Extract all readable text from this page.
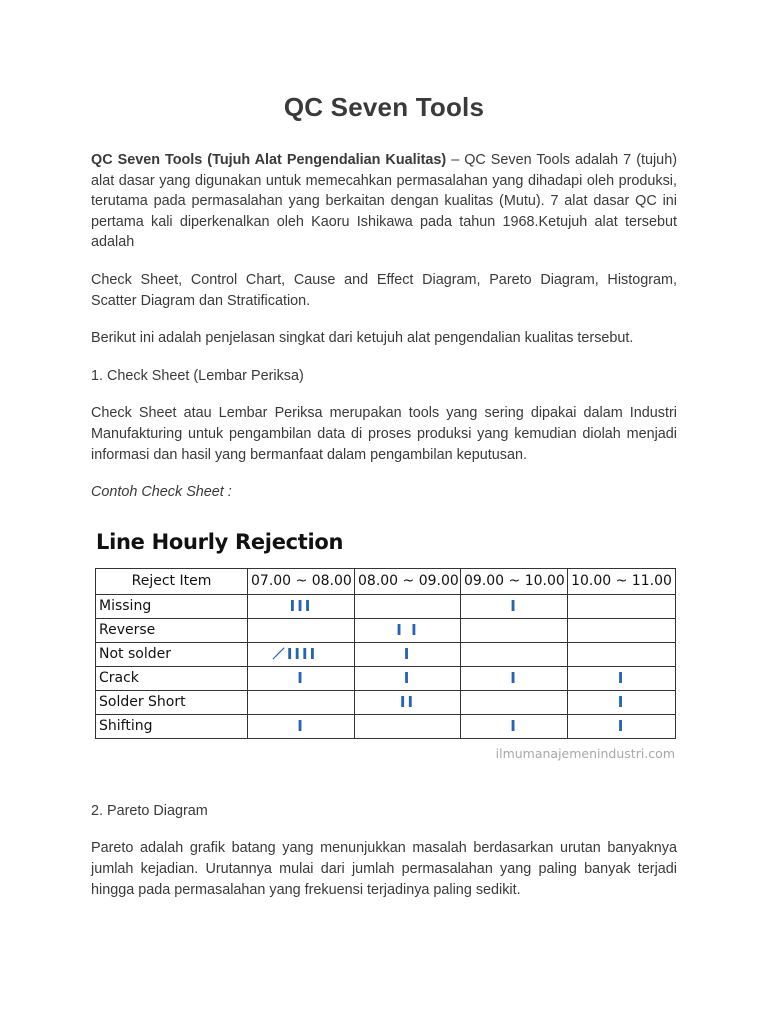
QC Seven Tools

QC Seven Tools (Tujuh Alat Pengendalian Kualitas) – QC Seven Tools adalah 7 (tujuh) alat dasar yang digunakan untuk memecahkan permasalahan yang dihadapi oleh produksi, terutama pada permasalahan yang berkaitan dengan kualitas (Mutu). 7 alat dasar QC ini pertama kali diperkenalkan oleh Kaoru Ishikawa pada tahun 1968.Ketujuh alat tersebut adalah

Check Sheet, Control Chart, Cause and Effect Diagram, Pareto Diagram, Histogram, Scatter Diagram dan Stratification.

Berikut ini adalah penjelasan singkat dari ketujuh alat pengendalian kualitas tersebut.

1. Check Sheet (Lembar Periksa)

Check Sheet atau Lembar Periksa merupakan tools yang sering dipakai dalam Industri Manufakturing untuk pengambilan data di proses produksi yang kemudian diolah menjadi informasi dan hasil yang bermanfaat dalam pengambilan keputusan.

Contoh Check Sheet :

Line Hourly Rejection
Reject Item	07.00 ~ 08.00	08.00 ~ 09.00	09.00 ~ 10.00	10.00 ~ 11.00
Missing	III		I	
Reverse		I I		
Not solder	̸IIII	I		
Crack	I	I	I	I
Solder Short		II		I
Shifting	I		I	I
ilmumanajemenindustri.com

2. Pareto Diagram

Pareto adalah grafik batang yang menunjukkan masalah berdasarkan urutan banyaknya jumlah kejadian. Urutannya mulai dari jumlah permasalahan yang paling banyak terjadi hingga pada permasalahan yang frekuensi terjadinya paling sedikit.
